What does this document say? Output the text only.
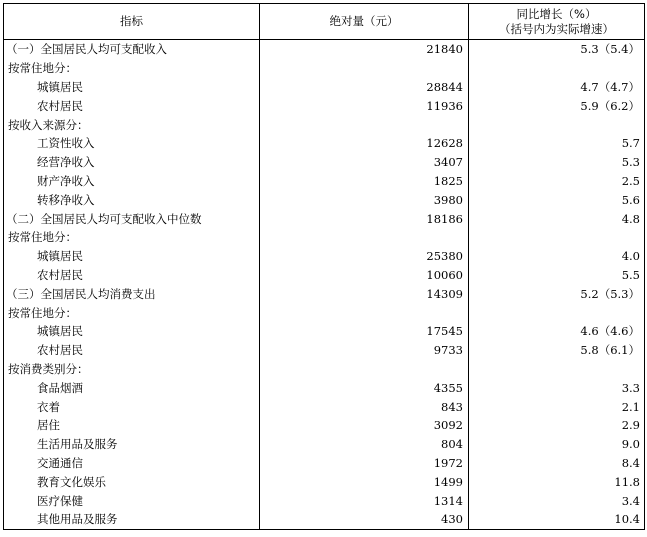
指标	绝对量（元）	同比增长（%）
（括号内为实际增速）

（一）全国居民人均可支配收入	21840	5.3（5.4）
按常住地分：		
城镇居民	28844	4.7（4.7）
农村居民	11936	5.9（6.2）
按收入来源分：		
工资性收入	12628	5.7
经营净收入	3407	5.3
财产净收入	1825	2.5
转移净收入	3980	5.6
（二）全国居民人均可支配收入中位数	18186	4.8
按常住地分：		
城镇居民	25380	4.0
农村居民	10060	5.5
（三）全国居民人均消费支出	14309	5.2（5.3）
按常住地分：		
城镇居民	17545	4.6（4.6）
农村居民	9733	5.8（6.1）
按消费类别分：		
食品烟酒	4355	3.3
衣着	843	2.1
居住	3092	2.9
生活用品及服务	804	9.0
交通通信	1972	8.4
教育文化娱乐	1499	11.8
医疗保健	1314	3.4
其他用品及服务	430	10.4
